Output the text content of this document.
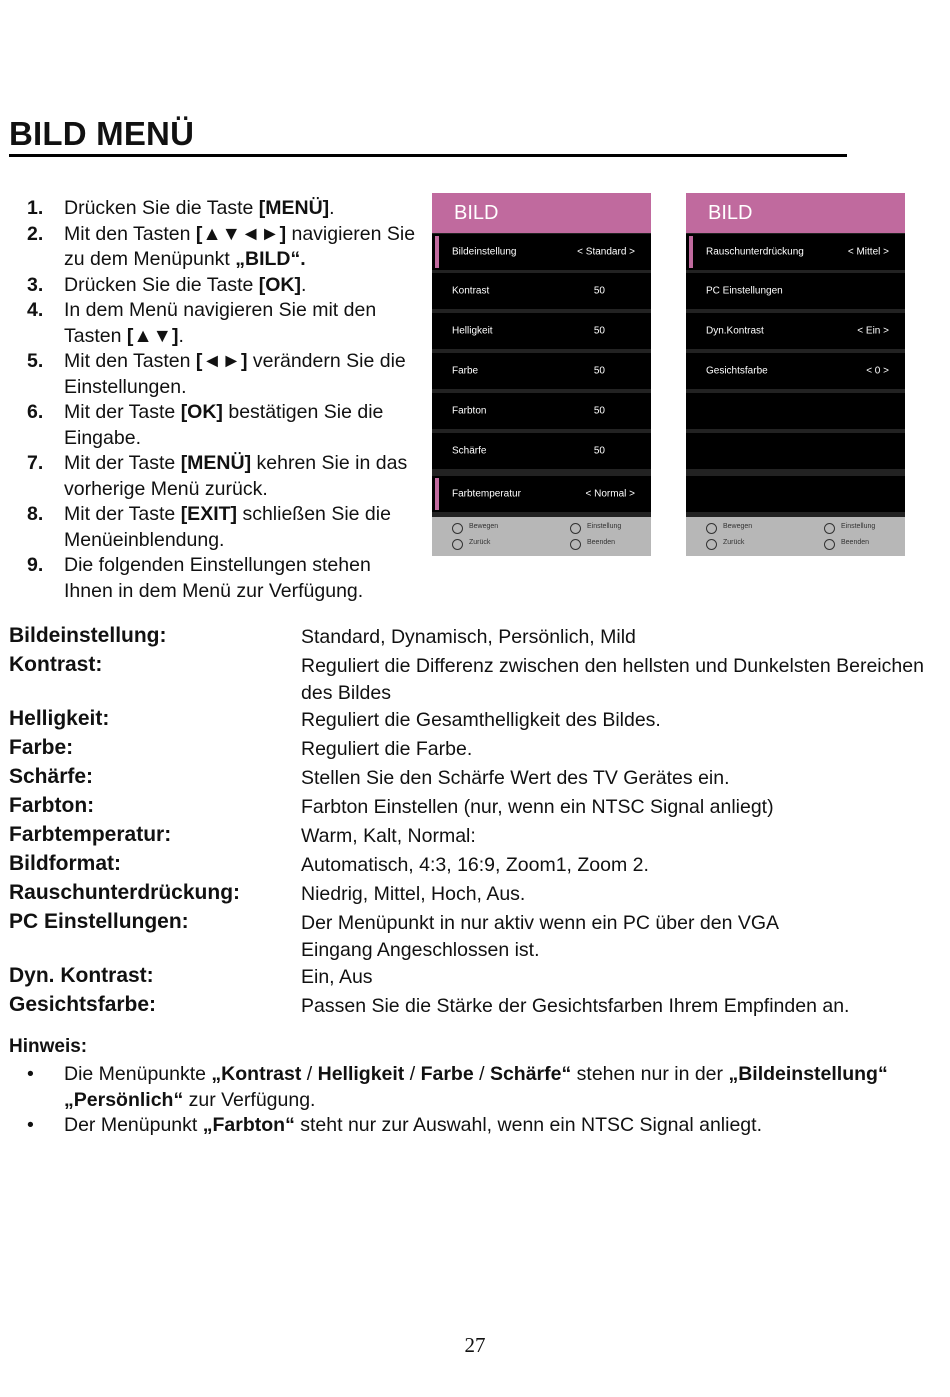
BILD MENÜ
1.	Drücken Sie die Taste [MENÜ].
2.	Mit den Tasten [▲▼◄►] navigieren Sie zu dem Menüpunkt „BILD“.
3.	Drücken Sie die Taste [OK].
4.	In dem Menü navigieren Sie mit den Tasten [▲▼].
5.	Mit den Tasten [◄►] verändern Sie die Einstellungen.
6.	Mit der Taste [OK] bestätigen Sie die Eingabe.
7.	Mit der Taste [MENÜ] kehren Sie in das vorherige Menü zurück.
8.	Mit der Taste [EXIT] schließen Sie die Menüeinblendung.
9.	Die folgenden Einstellungen stehen Ihnen in dem Menü zur Verfügung.
BILD
Bildeinstellung	< Standard >
Kontrast	50
Helligkeit	50
Farbe	50
Farbton	50
Schärfe	50
Farbtemperatur	< Normal >
Bewegen	Einstellung
Zurück	Beenden
BILD
Rauschunterdrückung	< Mittel >
PC Einstellungen
Dyn.Kontrast	< Ein >
Gesichtsfarbe	< 0 >
Bewegen	Einstellung
Zurück	Beenden
Bildeinstellung:	Standard, Dynamisch, Persönlich, Mild
Kontrast:	Reguliert die Differenz zwischen den hellsten und Dunkelsten Bereichen des Bildes
Helligkeit:	Reguliert die Gesamthelligkeit des Bildes.
Farbe:	Reguliert die Farbe.
Schärfe:	Stellen Sie den Schärfe Wert des TV Gerätes ein.
Farbton:	Farbton Einstellen (nur, wenn ein NTSC Signal anliegt)
Farbtemperatur:	Warm, Kalt, Normal:
Bildformat:	Automatisch, 4:3, 16:9, Zoom1, Zoom 2.
Rauschunterdrückung:	Niedrig, Mittel, Hoch, Aus.
PC Einstellungen:	Der Menüpunkt in nur aktiv wenn ein PC über den VGA Eingang Angeschlossen ist.
Dyn. Kontrast:	Ein, Aus
Gesichtsfarbe:	Passen Sie die Stärke der Gesichtsfarben Ihrem Empfinden an.
Hinweis:
•	Die Menüpunkte „Kontrast / Helligkeit / Farbe / Schärfe“ stehen nur in der „Bildeinstellung“ „Persönlich“ zur Verfügung.
•	Der Menüpunkt „Farbton“ steht nur zur Auswahl, wenn ein NTSC Signal anliegt.
27
